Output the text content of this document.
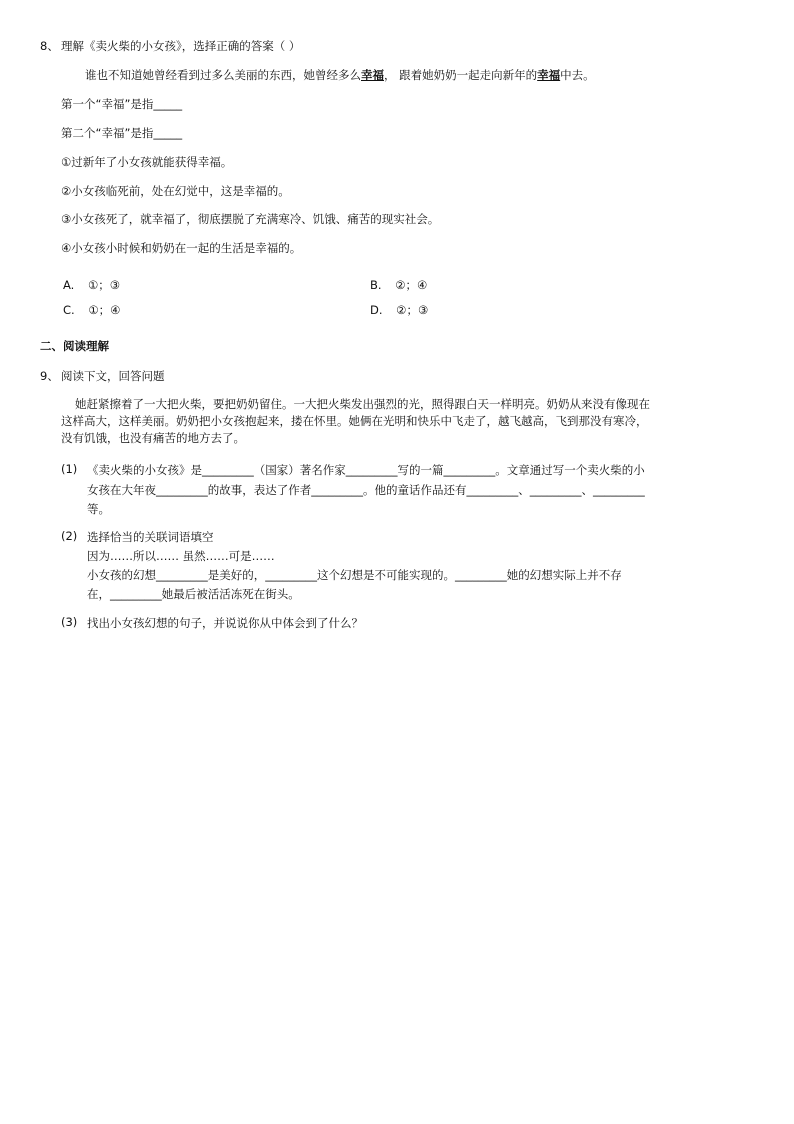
8、 理解《卖火柴的小女孩》，选择正确的答案（ ）
谁也不知道她曾经看到过多么美丽的东西，她曾经多么幸福， 跟着她奶奶一起走向新年的幸福中去。
第一个“幸福”是指_____
第二个“幸福”是指_____
①过新年了小女孩就能获得幸福。
②小女孩临死前，处在幻觉中，这是幸福的。
③小女孩死了，就幸福了，彻底摆脱了充满寒冷、饥饿、痛苦的现实社会。
④小女孩小时候和奶奶在一起的生活是幸福的。
A. ①；③	B. ②；④
C. ①；④	D. ②；③
二、阅读理解
9、 阅读下文，回答问题
她赶紧擦着了一大把火柴，要把奶奶留住。一大把火柴发出强烈的光，照得跟白天一样明亮。奶奶从来没有像现在
这样高大，这样美丽。奶奶把小女孩抱起来，搂在怀里。她俩在光明和快乐中飞走了，越飞越高，飞到那没有寒冷，
没有饥饿，也没有痛苦的地方去了。
(1) 《卖火柴的小女孩》是_________（国家）著名作家_________写的一篇_________。文章通过写一个卖火柴的小
女孩在大年夜_________的故事，表达了作者_________。他的童话作品还有_________、_________、_________
等。
(2) 选择恰当的关联词语填空
因为……所以…… 虽然……可是……
小女孩的幻想_________是美好的，_________这个幻想是不可能实现的。_________她的幻想实际上并不存
在，_________她最后被活活冻死在街头。
(3) 找出小女孩幻想的句子，并说说你从中体会到了什么？
